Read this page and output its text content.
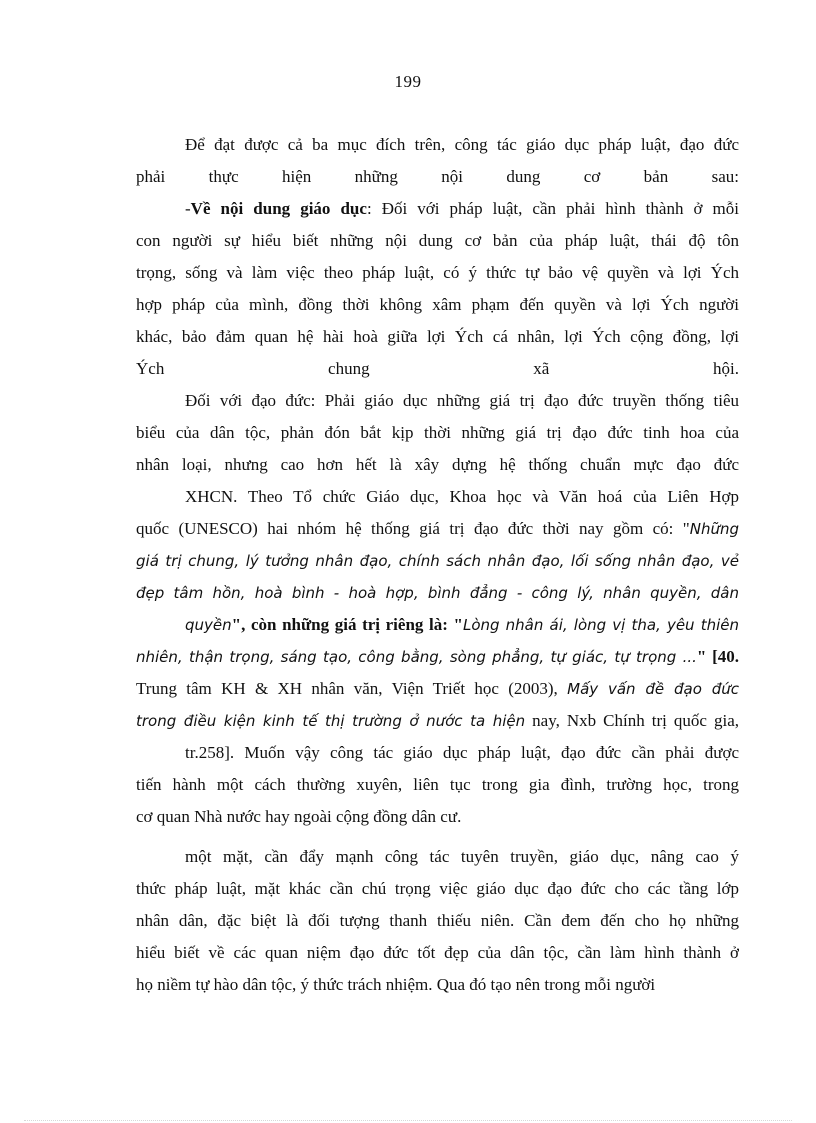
199
Để đạt được cả ba mục đích trên, công tác giáo dục pháp luật, đạo đức
phải thực hiện những nội dung cơ bản sau:
-Về nội dung giáo dục: Đối với pháp luật, cần phải hình thành ở mỗi
con người sự hiểu biết những nội dung cơ bản của pháp luật, thái độ tôn
trọng, sống và làm việc theo pháp luật, có ý thức tự bảo vệ quyền và lợi Ých
hợp pháp của mình, đồng thời không xâm phạm đến quyền và lợi Ých người
khác, bảo đảm quan hệ hài hoà giữa lợi Ých cá nhân, lợi Ých cộng đồng, lợi
Ých chung xã hội.
Đối với đạo đức: Phải giáo dục những giá trị đạo đức truyền thống tiêu
biểu của dân tộc, phản đón bắt kịp thời những giá trị đạo đức tinh hoa của
nhân loại, nhưng cao hơn hết là xây dựng hệ thống chuẩn mực đạo đức
XHCN. Theo Tổ chức Giáo dục, Khoa học và Văn hoá của Liên Hợp
quốc (UNESCO) hai nhóm hệ thống giá trị đạo đức thời nay gồm có: "Những
giá trị chung, lý tưởng nhân đạo, chính sách nhân đạo, lối sống nhân đạo, vẻ
đẹp tâm hồn, hoà bình - hoà hợp, bình đẳng - công lý, nhân quyền, dân
quyền", còn những giá trị riêng là: "Lòng nhân ái, lòng vị tha, yêu thiên
nhiên, thận trọng, sáng tạo, công bằng, sòng phẳng, tự giác, tự trọng ..." [40.
Trung tâm KH & XH nhân văn, Viện Triết học (2003), Mấy vấn đề đạo đức
trong điều kiện kinh tế thị trường ở nước ta hiện nay, Nxb Chính trị quốc gia,
tr.258]. Muốn vậy công tác giáo dục pháp luật, đạo đức cần phải được
tiến hành một cách thường xuyên, liên tục trong gia đình, trường học, trong
cơ quan Nhà nước hay ngoài cộng đồng dân cư.
một mặt, cần đẩy mạnh công tác tuyên truyền, giáo dục, nâng cao ý
thức pháp luật, mặt khác cần chú trọng việc giáo dục đạo đức cho các tầng lớp
nhân dân, đặc biệt là đối tượng thanh thiếu niên. Cần đem đến cho họ những
hiểu biết về các quan niệm đạo đức tốt đẹp của dân tộc, cần làm hình thành ở
họ niềm tự hào dân tộc, ý thức trách nhiệm. Qua đó tạo nên trong mỗi người
